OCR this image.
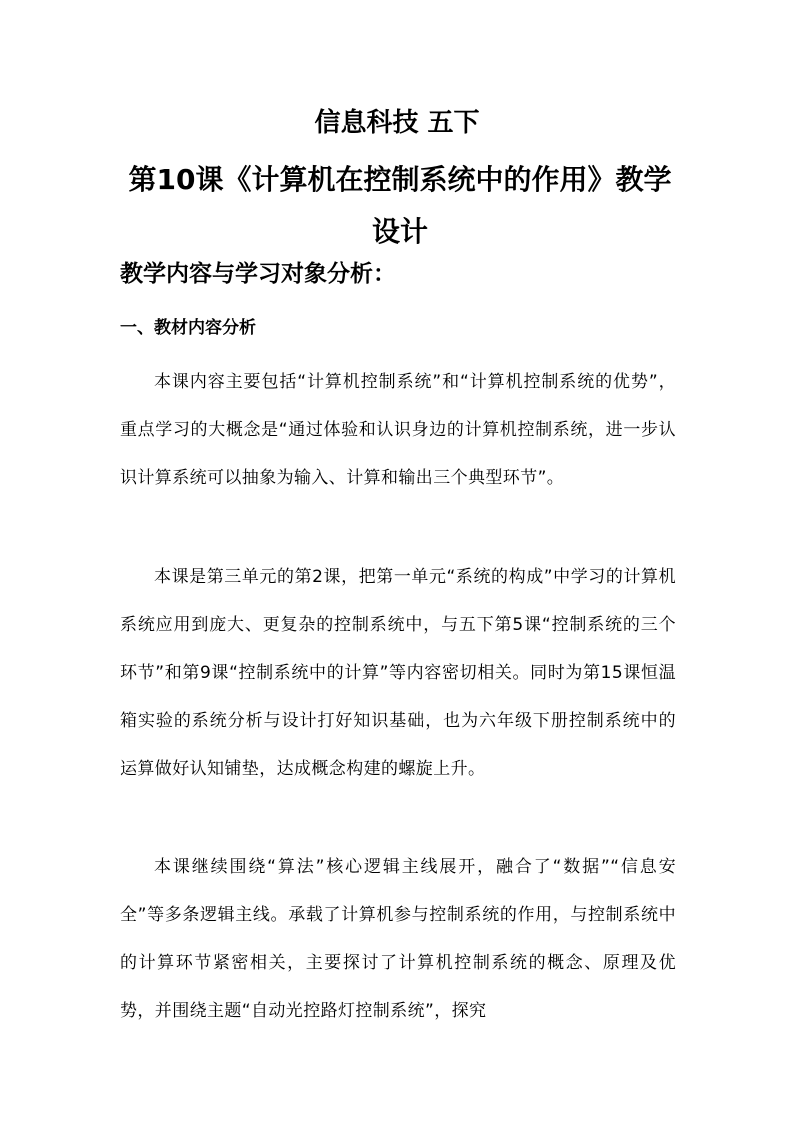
信息科技 五下
第10课《计算机在控制系统中的作用》教学设计
教学内容与学习对象分析：
一、教材内容分析

本课内容主要包括“计算机控制系统”和“计算机控制系统的优势”，重点学习的大概念是“通过体验和认识身边的计算机控制系统，进一步认识计算系统可以抽象为输入、计算和输出三个典型环节”。

本课是第三单元的第2课，把第一单元“系统的构成”中学习的计算机系统应用到庞大、更复杂的控制系统中，与五下第5课“控制系统的三个环节”和第9课“控制系统中的计算”等内容密切相关。同时为第15课恒温箱实验的系统分析与设计打好知识基础，也为六年级下册控制系统中的运算做好认知铺垫，达成概念构建的螺旋上升。

本课继续围绕“算法”核心逻辑主线展开，融合了“数据”“信息安全”等多条逻辑主线。承载了计算机参与控制系统的作用，与控制系统中的计算环节紧密相关，主要探讨了计算机控制系统的概念、原理及优势，并围绕主题“自动光控路灯控制系统”，探究
